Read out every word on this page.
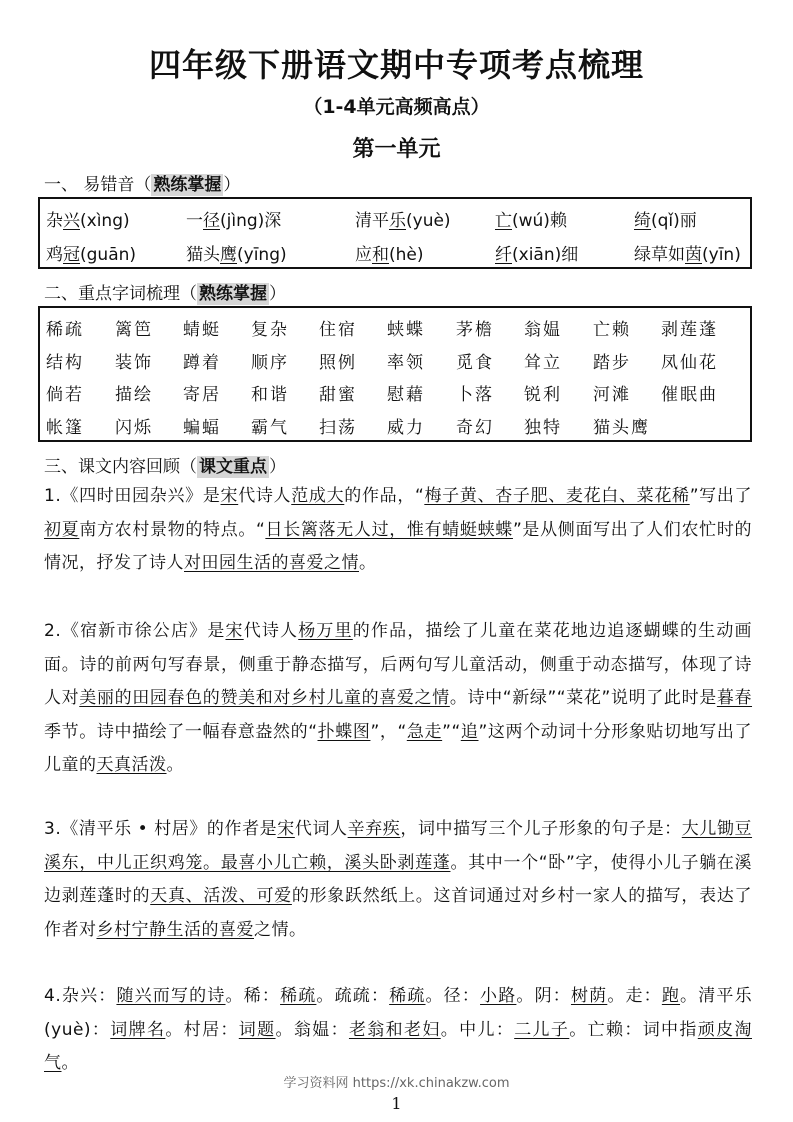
四年级下册语文期中专项考点梳理
（1-4单元高频高点）
第一单元
一、 易错音（ 熟练掌握 ）
杂兴(xìng)	一径(jìng)深	清平乐(yuè)	亡(wú)赖	绮(qǐ)丽
鸡冠(guān)	猫头鹰(yīng)	应和(hè)	纤(xiān)细	绿草如茵(yīn)
二、重点字词梳理（ 熟练掌握 ）
稀疏 篱笆 蜻蜓 复杂 住宿 蛱蝶 茅檐 翁媪 亡赖 剥莲蓬
结构 装饰 蹲着 顺序 照例 率领 觅食 耸立 踏步 凤仙花
倘若 描绘 寄居 和谐 甜蜜 慰藉 卜落 锐利 河滩 催眠曲
帐篷 闪烁 蝙蝠 霸气 扫荡 威力 奇幻 独特 猫头鹰
三、课文内容回顾（ 课文重点 ）
1.《四时田园杂兴》是宋代诗人范成大的作品，“梅子黄、杏子肥、麦花白、菜花稀”写出了初夏南方农村景物的特点。“日长篱落无人过，惟有蜻蜓蛱蝶”是从侧面写出了人们农忙时的情况，抒发了诗人对田园生活的喜爱之情。
2.《宿新市徐公店》是宋代诗人杨万里的作品，描绘了儿童在菜花地边追逐蝴蝶的生动画面。诗的前两句写春景，侧重于静态描写，后两句写儿童活动，侧重于动态描写，体现了诗人对美丽的田园春色的赞美和对乡村儿童的喜爱之情。诗中“新绿”“菜花”说明了此时是暮春季节。诗中描绘了一幅春意盎然的“扑蝶图”，“急走”“追”这两个动词十分形象贴切地写出了儿童的天真活泼。
3.《清平乐 • 村居》的作者是宋代词人辛弃疾，词中描写三个儿子形象的句子是：大儿锄豆溪东，中儿正织鸡笼。最喜小儿亡赖，溪头卧剥莲蓬。其中一个“卧”字，使得小儿子躺在溪边剥莲蓬时的天真、活泼、可爱的形象跃然纸上。这首词通过对乡村一家人的描写，表达了作者对乡村宁静生活的喜爱之情。
4.杂兴：随兴而写的诗。稀：稀疏。疏疏：稀疏。径：小路。阴：树荫。走：跑。清平乐(yuè)：词牌名。村居：词题。翁媪：老翁和老妇。中儿：二儿子。亡赖：词中指顽皮淘气。
学习资料网 https://xk.chinakzw.com
1
